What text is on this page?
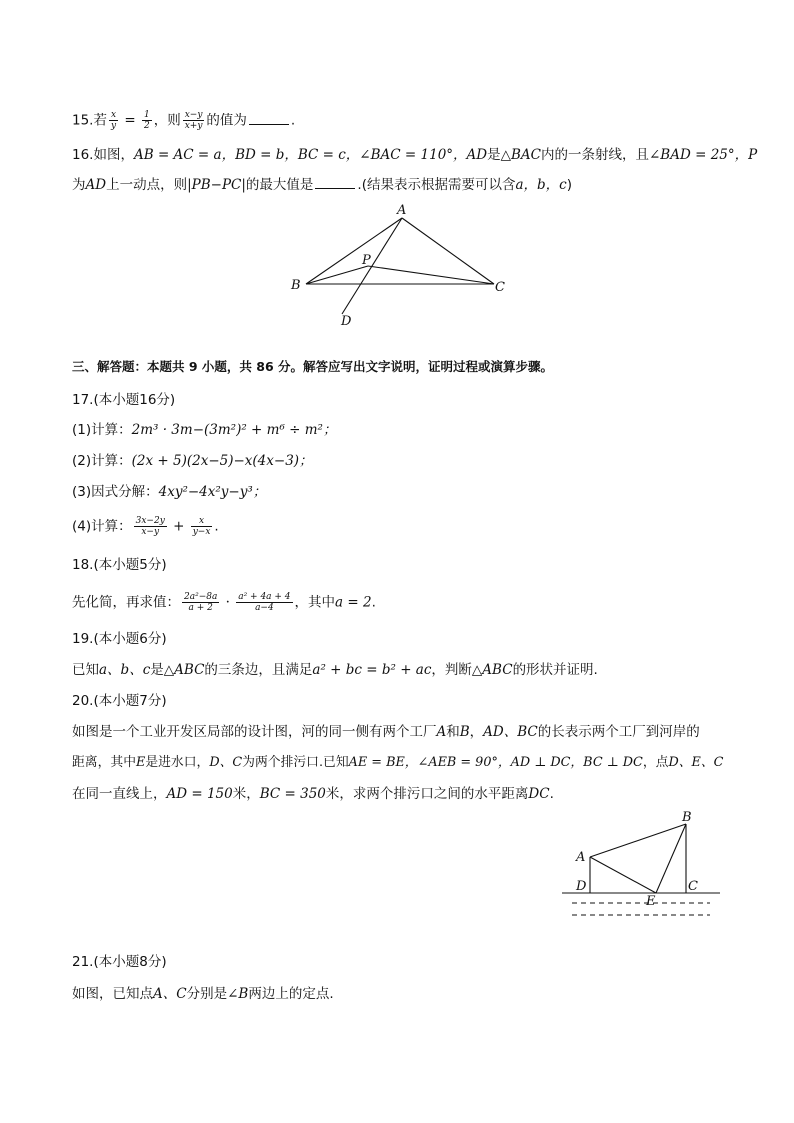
15.若 $\frac{x}{y} = \frac{1}{2}$ ，则 $\frac{x-y}{x+y}$ 的值为	.
16.如图，AB = AC = a，BD = b，BC = c，∠BAC = 110°，AD是△BAC内的一条射线，且∠BAD = 25°，P
为AD上一动点，则|PB−PC|的最大值是	.(结果表示根据需要可以含a，b，c)
A
B	C
P
D
三、解答题：本题共 9 小题，共 86 分。解答应写出文字说明，证明过程或演算步骤。
17.(本小题16分)
(1)计算：2m³ · 3m−(3m²)² + m⁶ ÷ m²；
(2)计算：(2x + 5)(2x−5)−x(4x−3)；
(3)因式分解：4xy²−4x²y−y³；
(4)计算： $\frac{3x-2y}{x-y} + \frac{x}{y-x}$ .
18.(本小题5分)
先化简，再求值： $\frac{\text{2a²−8a}}{a + 2} \cdot \frac{\text{a² + 4a + 4}}{a-4}$ ，其中a = 2.
19.(本小题6分)
已知a、b、c是△ABC的三条边，且满足a² + bc = b² + ac，判断△ABC的形状并证明.
20.(本小题7分)
如图是一个工业开发区局部的设计图，河的同一侧有两个工厂A和B，AD、BC的长表示两个工厂到河岸的
距离，其中E是进水口，D、C为两个排污口.已知AE = BE，∠AEB = 90°，AD ⊥ DC，BC ⊥ DC，点D、E、C
在同一直线上，AD = 150米，BC = 350米，求两个排污口之间的水平距离DC.
A
B
D	C
E
21.(本小题8分)
如图，已知点A、C分别是∠B两边上的定点.
